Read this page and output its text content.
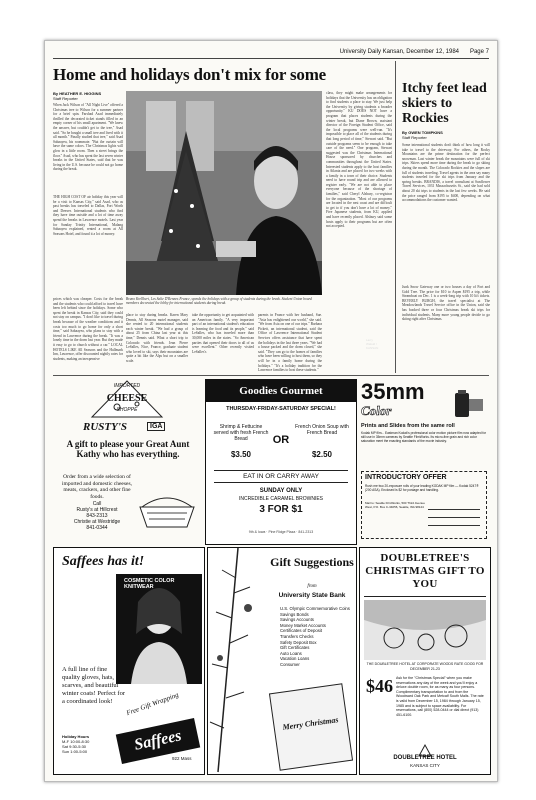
University Daily Kansan, December 12, 1984 Page 7
Home and holidays don't mix for some
By HEATHER E. HIGGINS
Staff Reporter
When Jack Wilson of "All Night Live" offered a Christmas tree to Wilson for a summer partner for a brief spin. Farshad Asad immediately thrilled the decorated ticket stands filled in an empty corner of his small apartment. "We knew the answer, but couldn't get to the tree," Asad said. "So he bought a small tree and lived with it all month." Finally studied that tree," said Asad Sabaayea, his roommate. "But the curtain will have the same colors. The Christmas lights will glow in a little room. Then a street brings the floor." Asad, who has spent the last seven winter breaks in the United States, said that he was living in the U.S. because he could not go home during the break.
THE HIGH COST OF air holiday this year will be a visit to Kansas City," said Asad, who as past breaks has traveled to Dallas, Fort Worth and Denver. International students who find they have time outside and a lot of time away spend the breaks in Lawrence motels. Last year for Sunday Trinity International, Malang Sabaayea explained, rented a room at All Seasons Hotel, and found it a lot of money.
prices which was cheaper. Costs for the break and the students who could afford to travel have been left behind since the holidays. Some who spent the break in Kansas City, said they could not stay on campus. "I don't like to travel during break because of the weather conditions and it costs too much to go home for only a short time," said Sabaayea, who plans to stay with a friend in Lawrence during the break. "It was a lonely time in the dorm last year. But they made it easy to go to church without a car." LOCAL HOTELS LIKE All Seasons and the Hallmark Inn, Lawrence, offer discounted nightly rates for students, making an inexpensive
Larry Wafeld / KANSAN
Bruno Krellbert, Les Salte D'Rennes France, spends the holidays with a group of students during the break. Student Union board members decorated the lobby for international students during break.
place to stay during breaks. Karen Mary Dennis, All Seasons motel manager, said she rented to 20 international students each winter break. "We had a group of about 25 from China last year at this time," Dennis said. What a short trip to Colorado with friends. Jean Pierre LeSalles, Nice, France, graduate student who loved to ski, says their mountains are quite a bit like the Alps but on a smaller scale.
take the opportunity to get acquainted with an American family. "A very important part of an international student's education is learning the food and its people," said LeSalles, who has traveled more than 30,000 miles in the states. "So American parties that opened their doors to all of us were excellent." Other recently visited LeSalles's
parents in France with her husband, Sue. "Asia has enlightened our world," she said. "We from Asia on one of our trips." Barbara Pickett, an international student, said the Office of Lawrence International Student Services offers assistance that have spent the holidays in the last three years. "We had a house packed and the dorm closed," she said. "They can go to the homes of families who have been willing to host them, so they will be in a family home during the holidays." "It's a holiday tradition for the Lawrence families to host these students."
class, they might make arrangements for holidays that the University has an obligation to find students a place to stay. We just help the University by giving students a broader opportunity." KU DOES NOT have a program that places students during the winter break, but Diane Brown, assistant director of the Foreign Student Office, said the local programs were well-run. "It's impossible to place all of the students during that long period of time," Stewart said. "But outside programs seem to be enough to take care of the need." One program, Stewart suggested was the Christmas International House sponsored by churches and communities throughout the United States. Interested students apply to the host families in Atlanta and are placed for two weeks with a family in a town of their choice. Students need to have round trip and are allowed to register early. "We are not able to place everyone because of the shortage of families," said Cheryl Alsbury, co-registrar for the organization. "Most of our programs are located in the east coast and are difficult to get to if you don't have a lot of money." Five Japanese students, from KU, applied and have recently placed. Alsbury said some hosts apply to their programs but are often not accepted.
Itchy feet lead skiers to Rockies
By GWEN TOMPKINS
Staff Reporter
Some international students don't think of how long it will take to travel to the driveway. For others, the Rocky Mountains are the prime destination for the perfect snowman. Last winter break the mountains were full of ski trips. Skiers spend more time during the break to go skiing during the month. The Colorado Rockies and the slopes are full of students traveling. Travel agents in the area say many students traveled for the ski trips from January and the spring breaks. BRANDIS, a travel consultant at Sunflower Travel Services, 1031 Massachusetts St., said she had sold about 20 ski trips to students in the last few weeks. He said the price ranged from $195 to $400, depending on what accommodations the customer wanted.
Junk Snow Gateway one or two houses a day of Fort and Gold Tree. The price for $10 to Aspen $195 a trip, while Steamboat on Dec. 1 is a week-long trip with 10 lift tickets. BEVERLY BURGH, the travel specialist at The Meadowlands Travel Service office in the Union, said she has booked three or four Christmas break ski trips for individual students. Many more young people decide to go skiing right after Christmas.
IMPORTED
CHEESE
SHOPPE
RUSTY'S	IGA
A gift to please your Great Aunt Kathy who has everything.
Order from a wide selection of imported and domestic cheeses, meats, crackers, and other fine foods.
Call
Rusty's at Hillcrest
843-2313
Christie at Westridge
841-0344
Goodies Gourmet
THURSDAY-FRIDAY-SATURDAY SPECIAL!
Shrimp & Fettucine served with fresh French Bread
$3.50
OR
French Onion Soup with French Bread
$2.50
EAT IN OR CARRY AWAY
SUNDAY ONLY
INCREDIBLE CARAMEL BROWNIES
3 FOR $1
9th & Iowa · Pine Ridge Plaza · 841-2313
35mm
Color
Prints and Slides from the same roll
Kodak MP film... Eastman Kodak's professional color motion picture film now adapted for still use in 35mm cameras by Seattle FilmWorks. Its micro-fine grain and rich color saturation meet the exacting standards of the movie industry.
INTRODUCTORY OFFER
Rush me two 20-exposure rolls of your leading KODAK MP film — Kodak 5247® (200 ASA). Enclosed is $2 for postage and handling.
Mail to: Seattle FilmWorks, 500 Third Avenue West, P.O. Box C-34056, Seattle, WA 98124
Saffees has it!
COSMETIC COLOR KNITWEAR
A full line of fine quality gloves, hats, scarves, and beautiful winter coats! Perfect for a coordinated look!	Free Gift Wrapping
Holiday Hours
M-F 10:00-8:30
Sat 9:30-5:30
Sun 1:00-5:00	Saffees
922 Mass
Gift Suggestions
from
University State Bank
U.S. Olympic Commemorative Coins
Savings Bonds
Savings Accounts
Money Market Accounts
Certificates of Deposit
Transfers Checks
Safety Deposit Box
Gift Certificates
Auto Loans
Vacation Loans
Consumer
Merry Christmas
DOUBLETREE'S CHRISTMAS GIFT TO YOU
THE DOUBLETREE HOTEL AT CORPORATE WOODS RATE GOOD FOR DECEMBER 21-23
$46 Ask for the "Christmas Special" when you make reservations any day of the week and you'll enjoy a deluxe double room, for as many as four persons. Complimentary transportation to and from the Woodward Oak Park and Metcalf South Malls. The rate is valid from December 15, 1984 through January 15, 1985 and is subject to space availability. For reservations, call (800) 528-0444 or dial direct (913) 451-6100.
DOUBLETREE HOTEL
KANSAS CITY
